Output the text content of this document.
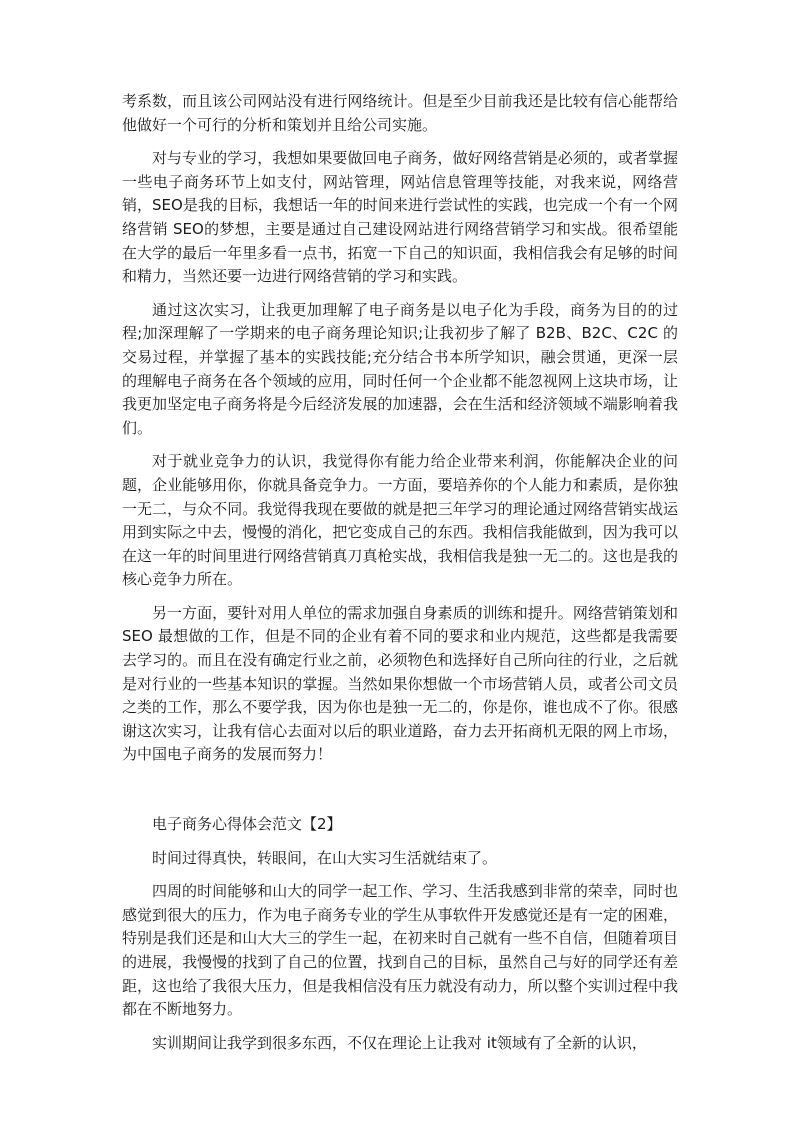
考系数，而且该公司网站没有进行网络统计。但是至少目前我还是比较有信心能帮给他做好一个可行的分析和策划并且给公司实施。

对与专业的学习，我想如果要做回电子商务，做好网络营销是必须的，或者掌握一些电子商务环节上如支付，网站管理，网站信息管理等技能，对我来说，网络营销，SEO是我的目标，我想话一年的时间来进行尝试性的实践，也完成一个有一个网络营销 SEO的梦想，主要是通过自己建设网站进行网络营销学习和实战。很希望能在大学的最后一年里多看一点书，拓宽一下自己的知识面，我相信我会有足够的时间和精力，当然还要一边进行网络营销的学习和实践。

通过这次实习，让我更加理解了电子商务是以电子化为手段，商务为目的的过程;加深理解了一学期来的电子商务理论知识;让我初步了解了 B2B、B2C、C2C 的交易过程，并掌握了基本的实践技能;充分结合书本所学知识，融会贯通，更深一层的理解电子商务在各个领域的应用，同时任何一个企业都不能忽视网上这块市场，让我更加坚定电子商务将是今后经济发展的加速器，会在生活和经济领域不端影响着我们。

对于就业竞争力的认识，我觉得你有能力给企业带来利润，你能解决企业的问题，企业能够用你，你就具备竞争力。一方面，要培养你的个人能力和素质，是你独一无二，与众不同。我觉得我现在要做的就是把三年学习的理论通过网络营销实战运用到实际之中去，慢慢的消化，把它变成自己的东西。我相信我能做到，因为我可以在这一年的时间里进行网络营销真刀真枪实战，我相信我是独一无二的。这也是我的核心竞争力所在。

另一方面，要针对用人单位的需求加强自身素质的训练和提升。网络营销策划和 SEO 最想做的工作，但是不同的企业有着不同的要求和业内规范，这些都是我需要去学习的。而且在没有确定行业之前，必须物色和选择好自己所向往的行业，之后就是对行业的一些基本知识的掌握。当然如果你想做一个市场营销人员，或者公司文员之类的工作，那么不要学我，因为你也是独一无二的，你是你，谁也成不了你。很感谢这次实习，让我有信心去面对以后的职业道路，奋力去开拓商机无限的网上市场，为中国电子商务的发展而努力！

电子商务心得体会范文【2】

时间过得真快，转眼间，在山大实习生活就结束了。

四周的时间能够和山大的同学一起工作、学习、生活我感到非常的荣幸，同时也感觉到很大的压力，作为电子商务专业的学生从事软件开发感觉还是有一定的困难，特别是我们还是和山大大三的学生一起，在初来时自己就有一些不自信，但随着项目的进展，我慢慢的找到了自己的位置，找到自己的目标，虽然自己与好的同学还有差距，这也给了我很大压力，但是我相信没有压力就没有动力，所以整个实训过程中我都在不断地努力。

实训期间让我学到很多东西，不仅在理论上让我对 it领域有了全新的认识，
